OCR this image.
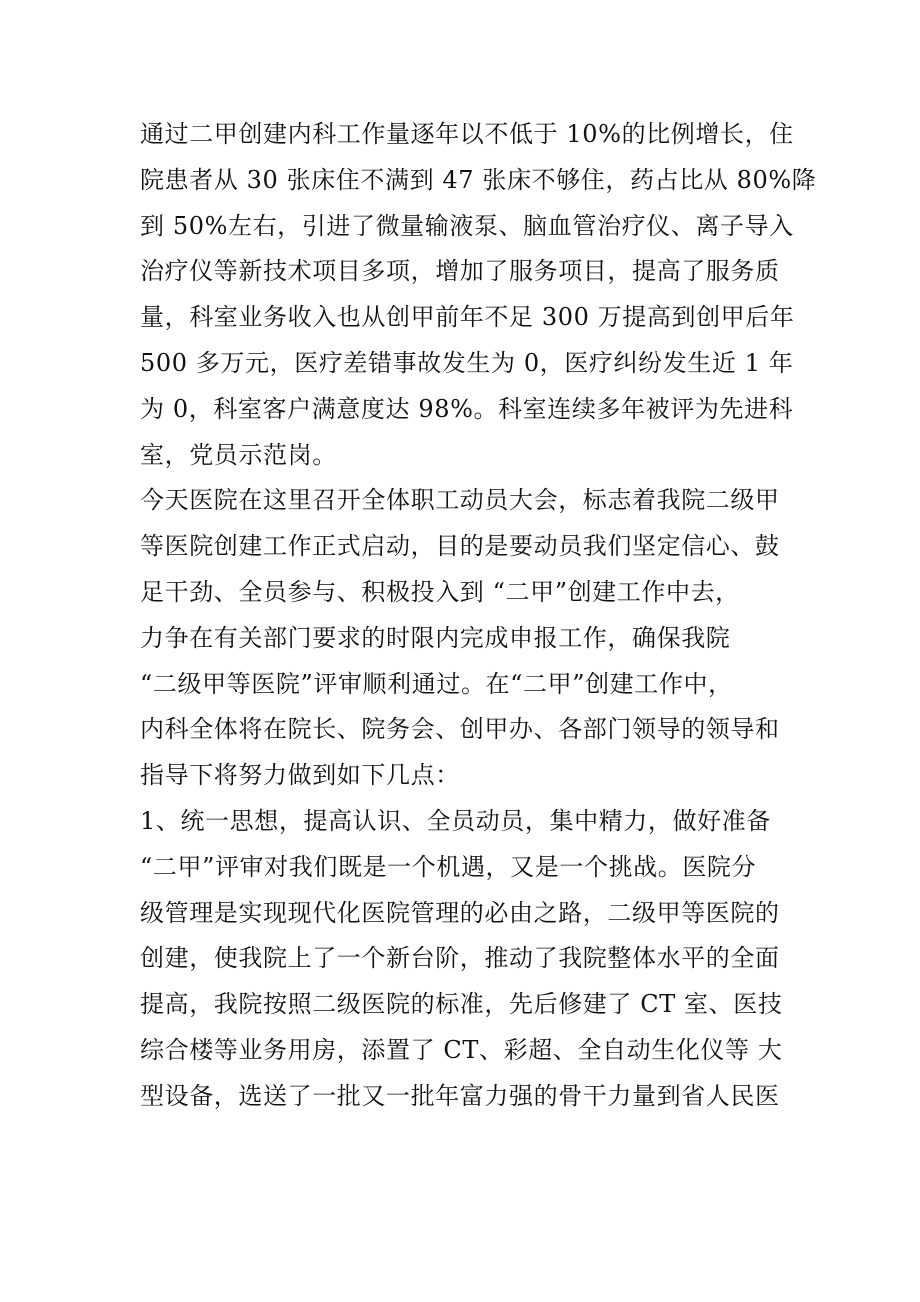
通过二甲创建内科工作量逐年以不低于 10%的比例增长，住
院患者从 30 张床住不满到 47 张床不够住，药占比从 80%降
到 50%左右，引进了微量输液泵、脑血管治疗仪、离子导入
治疗仪等新技术项目多项，增加了服务项目，提高了服务质
量，科室业务收入也从创甲前年不足 300 万提高到创甲后年
500 多万元，医疗差错事故发生为 0，医疗纠纷发生近 1 年
为 0，科室客户满意度达 98%。科室连续多年被评为先进科
室，党员示范岗。
今天医院在这里召开全体职工动员大会，标志着我院二级甲
等医院创建工作正式启动，目的是要动员我们坚定信心、鼓
足干劲、全员参与、积极投入到 “二甲”创建工作中去，
力争在有关部门要求的时限内完成申报工作，确保我院
“二级甲等医院”评审顺利通过。在“二甲”创建工作中，
内科全体将在院长、院务会、创甲办、各部门领导的领导和
指导下将努力做到如下几点：
1、统一思想，提高认识、全员动员，集中精力，做好准备
“二甲”评审对我们既是一个机遇，又是一个挑战。医院分
级管理是实现现代化医院管理的必由之路，二级甲等医院的
创建，使我院上了一个新台阶，推动了我院整体水平的全面
提高，我院按照二级医院的标准，先后修建了 CT 室、医技
综合楼等业务用房，添置了 CT、彩超、全自动生化仪等 大
型设备，选送了一批又一批年富力强的骨干力量到省人民医
